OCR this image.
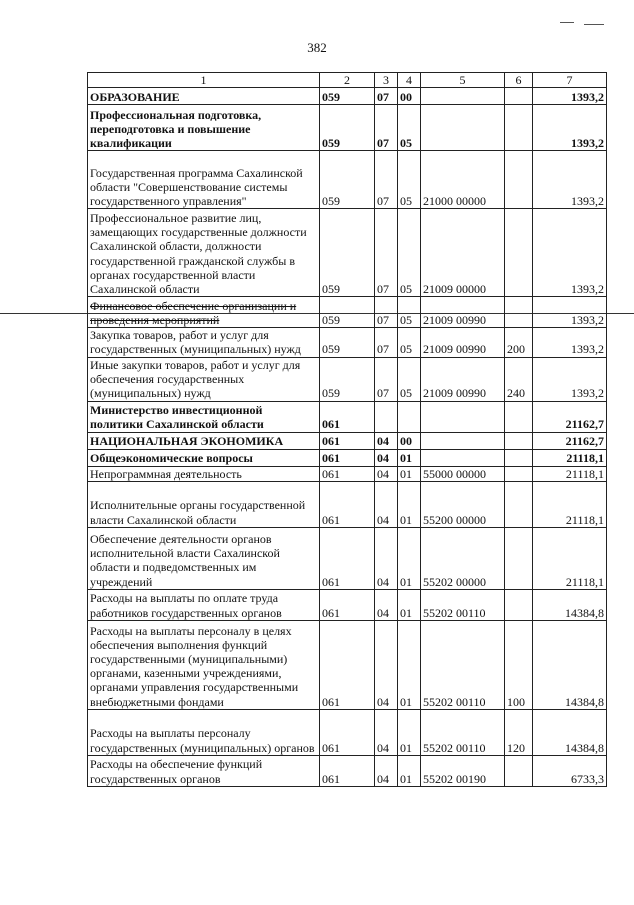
382
1	2	3	4	5	6	7
ОБРАЗОВАНИЕ	059	07	00			1393,2
Профессиональная подготовка, переподготовка и повышение квалификации	059	07	05			1393,2
Государственная программа Сахалинской области "Совершенствование системы государственного управления"	059	07	05	21000 00000		1393,2
Профессиональное развитие лиц, замещающих государственные должности Сахалинской области, должности государственной гражданской службы в органах государственной власти Сахалинской области	059	07	05	21009 00000		1393,2
Финансовое обеспечение организации и проведения мероприятий	059	07	05	21009 00990		1393,2
Закупка товаров, работ и услуг для государственных (муниципальных) нужд	059	07	05	21009 00990	200	1393,2
Иные закупки товаров, работ и услуг для обеспечения государственных (муниципальных) нужд	059	07	05	21009 00990	240	1393,2
Министерство инвестиционной политики Сахалинской области	061					21162,7
НАЦИОНАЛЬНАЯ ЭКОНОМИКА	061	04	00			21162,7
Общеэкономические вопросы	061	04	01			21118,1
Непрограммная деятельность	061	04	01	55000 00000		21118,1
Исполнительные органы государственной власти Сахалинской области	061	04	01	55200 00000		21118,1
Обеспечение деятельности органов исполнительной власти Сахалинской области и подведомственных им учреждений	061	04	01	55202 00000		21118,1
Расходы на выплаты по оплате труда работников государственных органов	061	04	01	55202 00110		14384,8
Расходы на выплаты персоналу в целях обеспечения выполнения функций государственными (муниципальными) органами, казенными учреждениями, органами управления государственными внебюджетными фондами	061	04	01	55202 00110	100	14384,8
Расходы на выплаты персоналу государственных (муниципальных) органов	061	04	01	55202 00110	120	14384,8
Расходы на обеспечение функций государственных органов	061	04	01	55202 00190		6733,3
